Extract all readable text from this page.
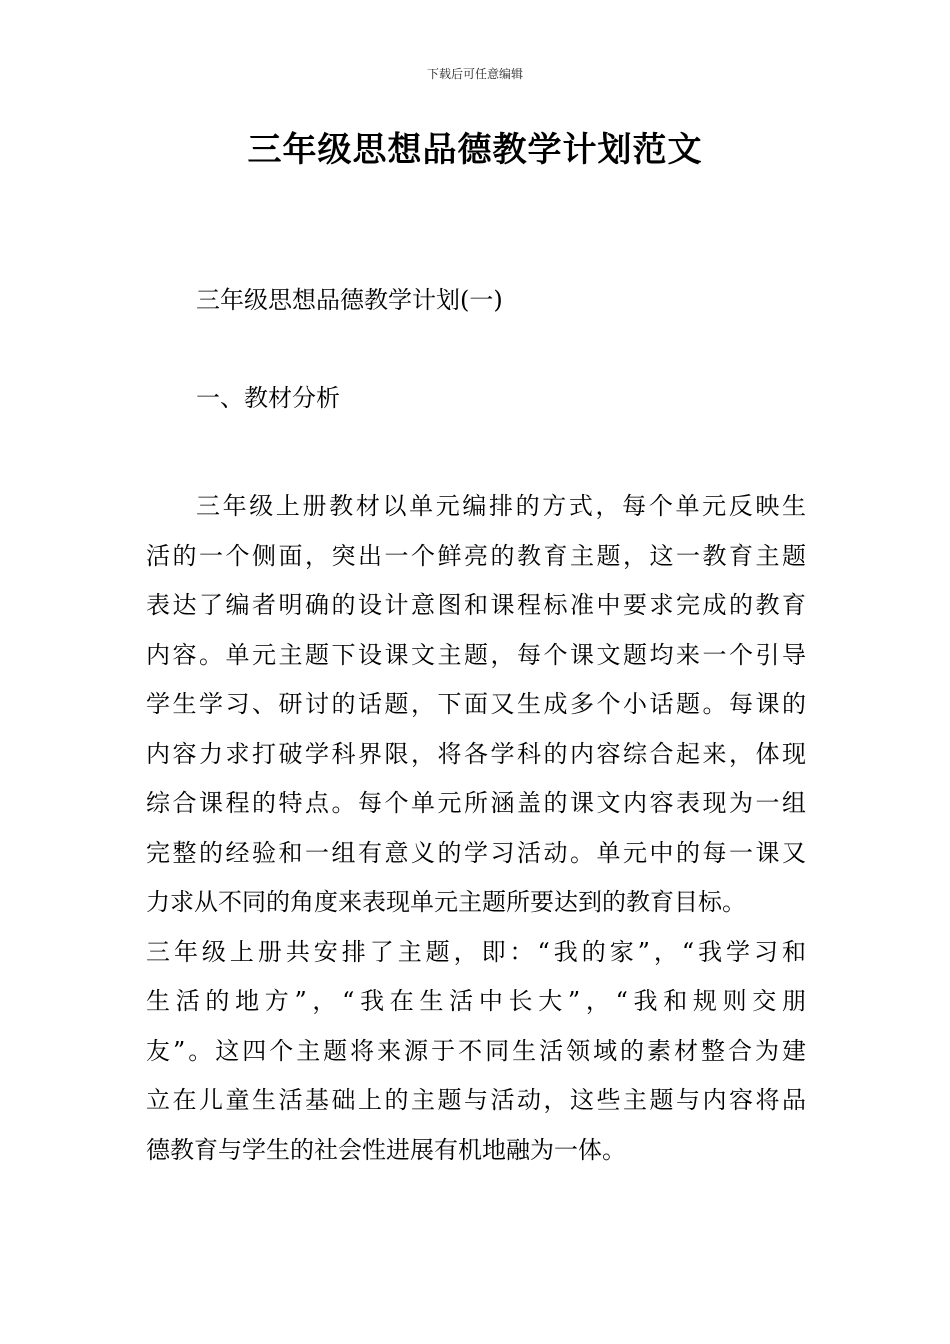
下载后可任意编辑
三年级思想品德教学计划范文

三年级思想品德教学计划(一)

一、教材分析

三年级上册教材以单元编排的方式，每个单元反映生
活的一个侧面，突出一个鲜亮的教育主题，这一教育主题
表达了编者明确的设计意图和课程标准中要求完成的教育
内容。单元主题下设课文主题，每个课文题均来一个引导
学生学习、研讨的话题，下面又生成多个小话题。每课的
内容力求打破学科界限，将各学科的内容综合起来，体现
综合课程的特点。每个单元所涵盖的课文内容表现为一组
完整的经验和一组有意义的学习活动。单元中的每一课又
力求从不同的角度来表现单元主题所要达到的教育目标。
三年级上册共安排了主题，即：“我的家”，“我学习和
生活的地方”，“我在生活中长大”，“我和规则交朋
友”。这四个主题将来源于不同生活领域的素材整合为建
立在儿童生活基础上的主题与活动，这些主题与内容将品
德教育与学生的社会性进展有机地融为一体。
